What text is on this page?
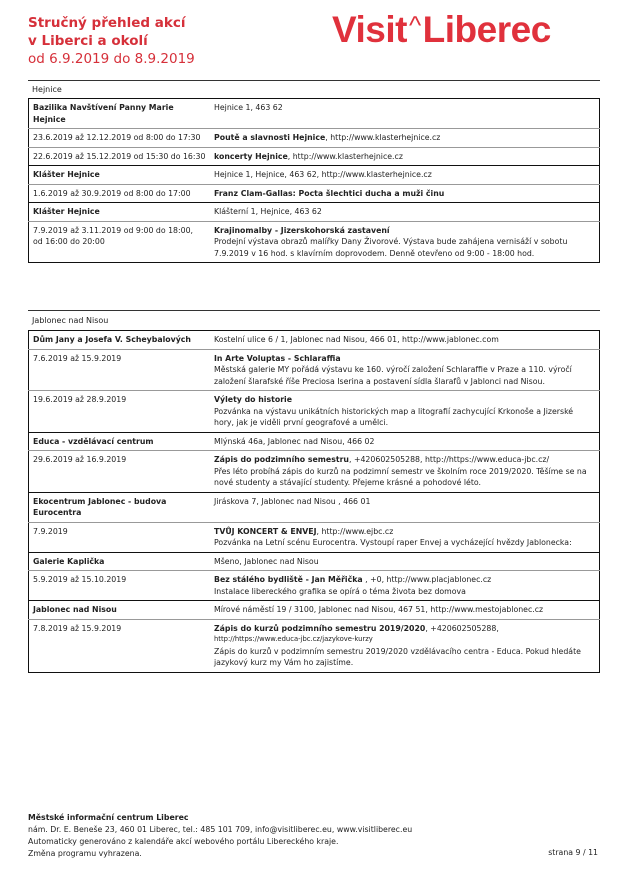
Stručný přehled akcí
v Liberci a okolí
od 6.9.2019 do 8.9.2019
Visit^Liberec
Hejnice
Bazilika Navštívení Panny Marie Hejnice	Hejnice 1, 463 62
23.6.2019 až 12.12.2019 od 8:00 do 17:30	Poutě a slavnosti Hejnice, http://www.klasterhejnice.cz
22.6.2019 až 15.12.2019 od 15:30 do 16:30	koncerty Hejnice, http://www.klasterhejnice.cz
Klášter Hejnice	Hejnice 1, Hejnice, 463 62, http://www.klasterhejnice.cz
1.6.2019 až 30.9.2019 od 8:00 do 17:00	Franz Clam-Gallas: Pocta šlechtici ducha a muži činu
Klášter Hejnice	Klášterní 1, Hejnice, 463 62
7.9.2019 až 3.11.2019 od 9:00 do 18:00,
od 16:00 do 20:00	Krajinomalby - Jizerskohorská zastavení
Prodejní výstava obrazů malířky Dany Živorové. Výstava bude zahájena vernisáží v sobotu 7.9.2019 v 16 hod. s klavírním doprovodem. Denně otevřeno od 9:00 - 18:00 hod.
Jablonec nad Nisou
Dům Jany a Josefa V. Scheybalových	Kostelní ulice 6 / 1, Jablonec nad Nisou, 466 01, http://www.jablonec.com
7.6.2019 až 15.9.2019	In Arte Voluptas - Schlaraffia
Městská galerie MY pořádá výstavu ke 160. výročí založení Schlaraffie v Praze a 110. výročí založení šlarafské říše Preciosa Iserina a postavení sídla šlarafů v Jablonci nad Nisou.

19.6.2019 až 28.9.2019	Výlety do historie
Pozvánka na výstavu unikátních historických map a litografií zachycující Krkonoše a Jizerské hory, jak je viděli první geografové a umělci.

Educa - vzdělávací centrum	Mlýnská 46a, Jablonec nad Nisou, 466 02
29.6.2019 až 16.9.2019	Zápis do podzimního semestru, +420602505288, http://https://www.educa-jbc.cz/
Přes léto probíhá zápis do kurzů na podzimní semestr ve školním roce 2019/2020. Těšíme se na nové studenty a stávající studenty. Přejeme krásné a pohodové léto.

Ekocentrum Jablonec - budova Eurocentra	Jiráskova 7, Jablonec nad Nisou , 466 01
7.9.2019	TVŮJ KONCERT & ENVEJ, http://www.ejbc.cz
Pozvánka na Letní scénu Eurocentra. Vystoupí raper Envej a vycházející hvězdy Jablonecka:

Galerie Kaplička	Mšeno, Jablonec nad Nisou
5.9.2019 až 15.10.2019	Bez stálého bydliště - Jan Měřička , +0, http://www.placjablonec.cz
Instalace libereckého grafika se opírá o téma života bez domova

Jablonec nad Nisou	Mírové náměstí 19 / 3100, Jablonec nad Nisou, 467 51, http://www.mestojablonec.cz
7.8.2019 až 15.9.2019	Zápis do kurzů podzimního semestru 2019/2020, +420602505288,
http://https://www.educa-jbc.cz/jazykove-kurzy
Zápis do kurzů v podzimním semestru 2019/2020 vzdělávacího centra - Educa. Pokud hledáte jazykový kurz my Vám ho zajistíme.
Městské informační centrum Liberec
nám. Dr. E. Beneše 23, 460 01 Liberec, tel.: 485 101 709, info@visitliberec.eu, www.visitliberec.eu
Automaticky generováno z kalendáře akcí webového portálu Libereckého kraje.
Změna programu vyhrazena.	strana 9 / 11
